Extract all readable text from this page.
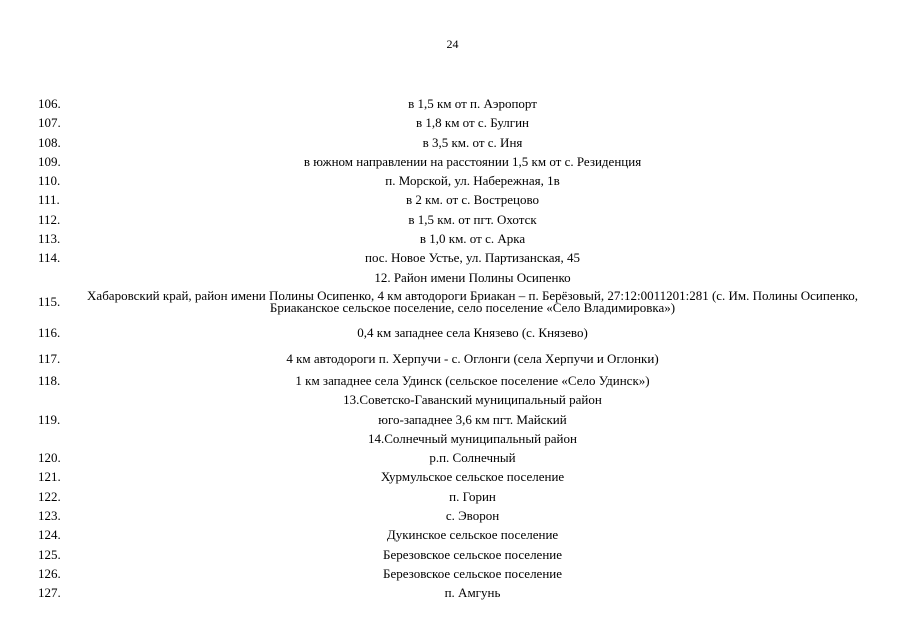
24
106.	в 1,5 км от п. Аэропорт
107.	в 1,8 км от с. Булгин
108.	в 3,5 км. от с. Иня
109.	в южном направлении на расстоянии 1,5 км от с. Резиденция
110.	п. Морской, ул. Набережная, 1в
111.	в 2 км. от с. Вострецово
112.	в 1,5 км. от пгт. Охотск
113.	в 1,0 км. от с. Арка
114.	пос. Новое Устье, ул. Партизанская, 45
12. Район имени Полины Осипенко
115.	Хабаровский край, район имени Полины Осипенко, 4 км автодороги Бриакан – п. Берёзовый, 27:12:0011201:281 (с. Им. Полины Осипенко, Бриаканское сельское поселение, село поселение «Село Владимировка»)
116.	0,4 км западнее села Князево (с. Князево)
117.	4 км автодороги п. Херпучи - с. Оглонги (села Херпучи и Оглонки)
118.	1 км западнее села Удинск (сельское поселение «Село Удинск»)
13.Советско-Гаванский муниципальный район
119.	юго-западнее 3,6 км пгт. Майский
14.Солнечный муниципальный район
120.	р.п. Солнечный
121.	Хурмульское сельское поселение
122.	п. Горин
123.	с. Эворон
124.	Дукинское сельское поселение
125.	Березовское сельское поселение
126.	Березовское сельское поселение
127.	п. Амгунь
